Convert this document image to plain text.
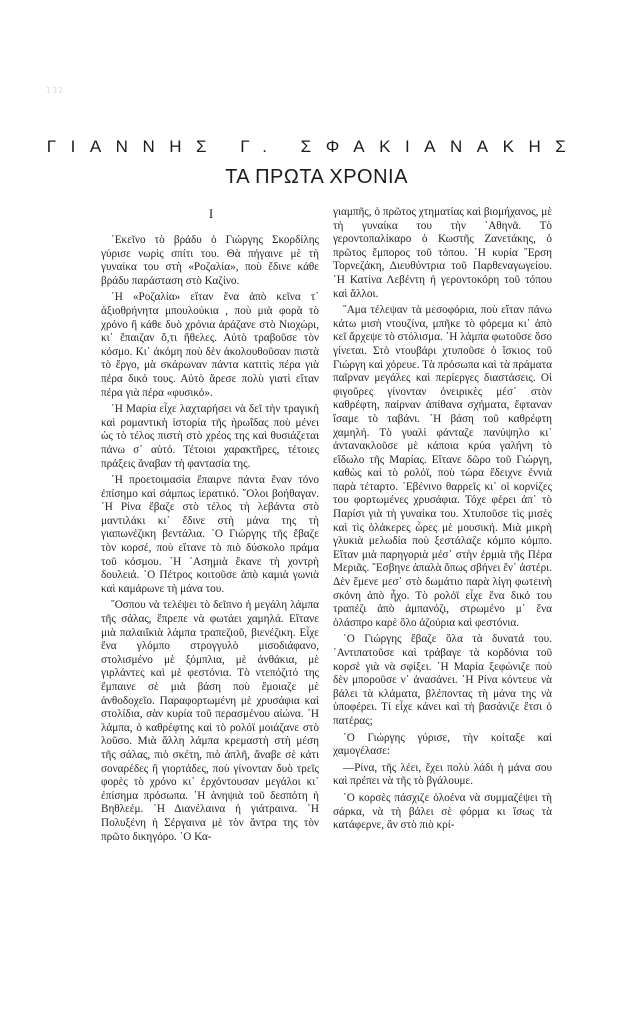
132
ΓΙΑΝΝΗΣ Γ. ΣΦΑΚΙΑΝΑΚΗΣ
ΤΑ ΠΡΩΤΑ ΧΡΟΝΙΑ
Ι

᾽Εκεῖνο τὸ βράδυ ὁ Γιώργης Σκορδίλης γύρισε νωρὶς σπίτι του. Θὰ πήγαινε μὲ τὴ γυναίκα του στὴ «Ροζαλία», ποὺ ἔδινε κάθε βράδυ παράσταση στὸ Καζίνο.

῾Η «Ροζαλία» εἴταν ἕνα ἀπὸ κεῖνα τ᾽ ἀξιοθρήνητα μπουλούκια , ποὺ μιὰ φορὰ τὸ χρόνο ἢ κάθε δυὸ χρόνια ἀράζανε στὸ Νιοχώρι, κι᾽ ἔπαιζαν ὅ,τι ἤθελες. Αὐτὸ τραβοῦσε τὸν κόσμο. Κι᾽ ἀκόμη ποὺ δὲν ἀκολουθοῦσαν πιστὰ τὸ ἔργο, μὰ σκάρωναν πάντα κατιτὶς πέρα γιὰ πέρα δικό τους. Αὐτὸ ἄρεσε πολὺ γιατὶ εἴταν πέρα γιὰ πέρα «φυσικό».

῾Η Μαρία εἶχε λαχταρήσει νὰ δεῖ τὴν τραγικὴ καὶ ρομαντικὴ ἱστορία τῆς ἡρωΐδας ποὺ μένει ὡς τὸ τέλος πιστὴ στὸ χρέος της καὶ θυσιάζεται πάνω σ᾽ αὐτό. Τέτοιοι χαρακτῆρες, τέτοιες πράξεις ἄναβαν τὴ φαντασία της.

῾Η προετοιμασία ἔπαιρνε πάντα ἕναν τόνο ἐπίσημο καὶ σάμπως ἱερατικό. ῞Ολοι βοήθαγαν. ῾Η Ρίνα ἔβαζε στὸ τέλος τὴ λεβάντα στὸ μαντιλάκι κι᾽ ἔδινε στὴ μάνα της τὴ γιαπωνέζικη βεντάλια. ῾Ο Γιώργης τῆς ἔβαζε τὸν κορσέ, ποὺ εἴτανε τὸ πιὸ δύσκολο πράμα τοῦ κόσμου. ῾Η ᾽Ασημιὰ ἔκανε τὴ χοντρὴ δουλειά. ῾Ο Πέτρος κοιτοῦσε ἀπὸ καμιὰ γωνιὰ καὶ καμάρωνε τὴ μάνα του.

῞Οσπου νὰ τελέψει τὸ δεῖπνο ἡ μεγάλη λάμπα τῆς σάλας, ἔπρεπε νὰ φωτάει χαμηλά. Εἴτανε μιὰ παλαιΐκιὰ λάμπα τραπεζιοῦ, βιενέζικη. Εἶχε ἕνα γλόμπο στρογγυλὸ μισοδιάφανο, στολισμένο μὲ ξόμπλια, μὲ ἀνθάκια, μὲ γιρλάντες καὶ μὲ φεστόνια. Τὸ ντεπόζιτό της ἔμπαινε σὲ μιὰ βάση ποὺ ἔμοιαζε μὲ ἀνθοδοχεῖο. Παραφορτωμένη μὲ χρυσάφια καὶ στολίδια, σὰν κυρία τοῦ περασμένου αἰώνα. ῾Η λάμπα, ὁ καθρέφτης καὶ τὸ ρολόϊ μοιάζανε στὸ λοῦσο. Μιὰ ἄλλη λάμπα κρεμαστὴ στὴ μέση τῆς σάλας, πιὸ σκέτη, πιὸ ἁπλῆ, ἄναβε σὲ κάτι σοναρέδες ἢ γιορτάδες, ποὺ γίνονταν δυὸ τρεῖς φορὲς τὸ χρόνο κι᾽ ἐρχόντουσαν μεγάλοι κι᾽ ἐπίσημα πρόσωπα. ῾Η ἀνηψιὰ τοῦ δεσπότη ἡ Βηθλεέμ. ῾Η Διανέλαινα ἡ γιάτραινα. ῾Η Πολυξένη ἡ Σέργαινα μὲ τὸν ἄντρα της τὸν πρῶτο δικηγόρο. ῾Ο Κα-

γιαμπῆς, ὁ πρῶτος χτηματίας καὶ βιομήχανος, μὲ τὴ γυναίκα του τὴν ᾽Αθηνᾶ. Τὸ γεροντοπαλίκαρο ὁ Κωστῆς Ζανετάκης, ὁ πρῶτος ἔμπορος τοῦ τόπου. ῾Η κυρία ῎Ερση Τορνεζάκη, Διευθύντρια τοῦ Παρθεναγωγείου. ῾Η Κατίνα Λεβέντη ἡ γεροντοκόρη τοῦ τόπου καὶ ἄλλοι.

῞Αμα τέλεψαν τὰ μεσοφόρια, ποὺ εἴταν πάνω κάτω μισὴ ντουζίνα, μπῆκε τὸ φόρεμα κι᾽ ἀπὸ κεῖ ἄρχεψε τὸ στόλισμα. ῾Η λάμπα φωτοῦσε ὅσο γίνεται. Στὸ ντουβάρι χτυποῦσε ὁ ἴσκιος τοῦ Γιώργη καὶ χόρευε. Τὰ πρόσωπα καὶ τὰ πράματα παῖρναν μεγάλες καὶ περίεργες διαστάσεις. Οἱ φιγοῦρες γίνονταν ὀνειρικὲς μέσ᾽ στὸν καθρέφτη, παίρναν ἀπίθανα σχήματα, ἔφταναν ἴσαμε τὸ ταβάνι. ῾Η βάση τοῦ καθρέφτη χαμηλή. Τὸ γυαλὶ φάνταζε πανύψηλο κι᾽ ἀντανακλοῦσε μὲ κάποια κρύα γαλήνη τὸ εἴδωλο τῆς Μαρίας. Εἴτανε δῶρο τοῦ Γιώργη, καθὼς καὶ τὸ ρολόϊ, ποὺ τώρα ἔδειχνε ἐννιὰ παρὰ τέταρτο. ᾽Εβένινο θαρρεῖς κι᾽ οἱ κορνίζες του φορτωμένες χρυσάφια. Τόχε φέρει ἀπ᾽ τὸ Παρίσι γιὰ τὴ γυναίκα του. Χτυποῦσε τὶς μισὲς καὶ τὶς ὁλάκερες ὧρες μὲ μουσική. Μιὰ μικρὴ γλυκιὰ μελωδία ποὺ ξεστάλαζε κόμπο κόμπο. Εἴταν μιὰ παρηγοριὰ μέσ᾽ στὴν ἐρμιὰ τῆς Πέρα Μεριᾶς. ῎Εσβηνε ἁπαλὰ ὅπως σβήνει ἕν᾽ ἀστέρι. Δὲν ἔμενε μεσ᾽ στὸ δωμάτιο παρὰ λίγη φωτεινὴ σκόνη ἀπὸ ἦχο. Τὸ ρολόϊ εἶχε ἕνα δικό του τραπέζι ἀπὸ ἀμπανόζι, στρωμένο μ᾽ ἕνα ὁλάσπρο καρὲ ὅλο ἀζούρια καὶ φεστόνια.

῾Ο Γιώργης ἔβαζε ὅλα τὰ δυνατά του. ᾽Αντιπατοῦσε καὶ τράβαγε τὰ κορδόνια τοῦ κορσὲ γιὰ νὰ σφίξει. ῾Η Μαρία ξεφώνιζε ποὺ δὲν μποροῦσε ν᾽ ἀνασάνει. ῾Η Ρίνα κόντευε νὰ βάλει τὰ κλάματα, βλέποντας τὴ μάνα της νὰ ὑποφέρει. Τί εἶχε κάνει καὶ τὴ βασάνιζε ἔτσι ὁ πατέρας;

῾Ο Γιώργης γύρισε, τὴν κοίταξε καὶ χαμογέλασε:

—Ρίνα, τῆς λέει, ἔχει πολὺ λάδι ἡ μάνα σου καὶ πρέπει νὰ τῆς τὸ βγάλουμε.

῾Ο κορσὲς πάσχιζε ὁλοένα νὰ συμμαζέψει τὴ σάρκα, νὰ τὴ βάλει σὲ φόρμα κι ἴσως τὰ κατάφερνε, ἂν στὸ πιὸ κρί-
